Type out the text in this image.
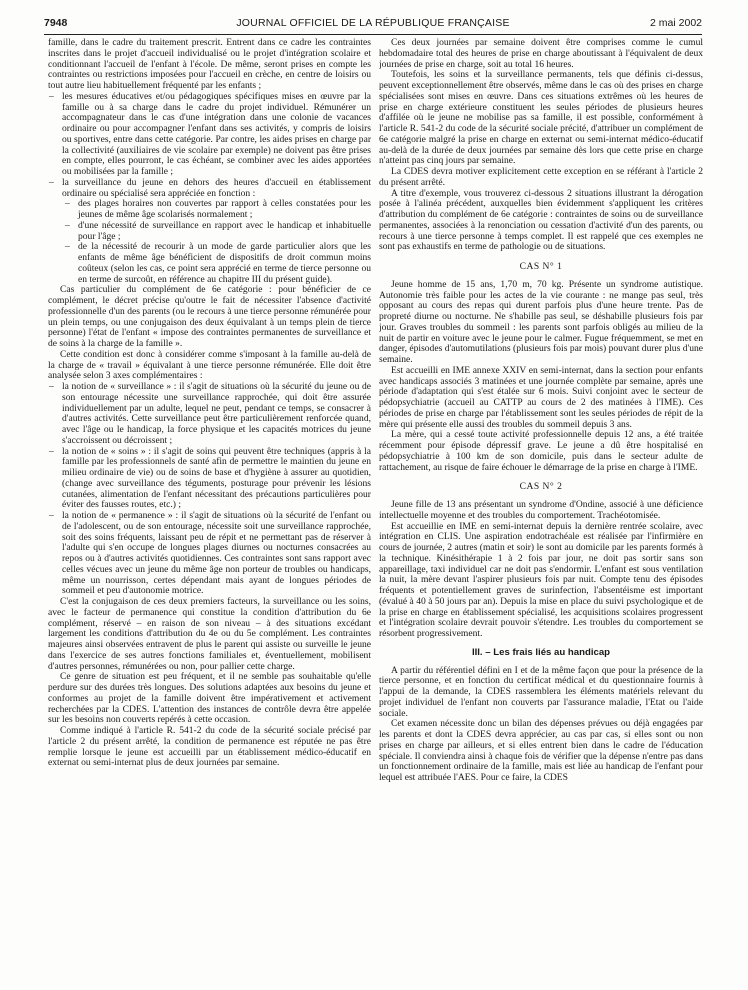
7948	JOURNAL OFFICIEL DE LA RÉPUBLIQUE FRANÇAISE	2 mai 2002

famille, dans le cadre du traitement prescrit. Entrent dans ce cadre les contraintes inscrites dans le projet d'accueil individualisé ou le projet d'intégration scolaire et conditionnant l'accueil de l'enfant à l'école. De même, seront prises en compte les contraintes ou restrictions imposées pour l'accueil en crèche, en centre de loisirs ou tout autre lieu habituellement fréquenté par les enfants ;

– les mesures éducatives et/ou pédagogiques spécifiques mises en œuvre par la famille ou à sa charge dans le cadre du projet individuel. Rémunérer un accompagnateur dans le cas d'une intégration dans une colonie de vacances ordinaire ou pour accompagner l'enfant dans ses activités, y compris de loisirs ou sportives, entre dans cette catégorie. Par contre, les aides prises en charge par la collectivité (auxiliaires de vie scolaire par exemple) ne doivent pas être prises en compte, elles pourront, le cas échéant, se combiner avec les aides apportées ou mobilisées par la famille ;
– la surveillance du jeune en dehors des heures d'accueil en établissement ordinaire ou spécialisé sera appréciée en fonction :
– des plages horaires non couvertes par rapport à celles constatées pour les jeunes de même âge scolarisés normalement ;
– d'une nécessité de surveillance en rapport avec le handicap et inhabituelle pour l'âge ;
– de la nécessité de recourir à un mode de garde particulier alors que les enfants de même âge bénéficient de dispositifs de droit commun moins coûteux (selon les cas, ce point sera apprécié en terme de tierce personne ou en terme de surcoût, en référence au chapitre III du présent guide).

Cas particulier du complément de 6e catégorie : pour bénéficier de ce complément, le décret précise qu'outre le fait de nécessiter l'absence d'activité professionnelle d'un des parents (ou le recours à une tierce personne rémunérée pour un plein temps, ou une conjugaison des deux équivalant à un temps plein de tierce personne) l'état de l'enfant « impose des contraintes permanentes de surveillance et de soins à la charge de la famille ».

Cette condition est donc à considérer comme s'imposant à la famille au-delà de la charge de « travail » équivalant à une tierce personne rémunérée. Elle doit être analysée selon 3 axes complémentaires :

– la notion de « surveillance » : il s'agit de situations où la sécurité du jeune ou de son entourage nécessite une surveillance rapprochée, qui doit être assurée individuellement par un adulte, lequel ne peut, pendant ce temps, se consacrer à d'autres activités. Cette surveillance peut être particulièrement renforcée quand, avec l'âge ou le handicap, la force physique et les capacités motrices du jeune s'accroissent ou décroissent ;
– la notion de « soins » : il s'agit de soins qui peuvent être techniques (appris à la famille par les professionnels de santé afin de permettre le maintien du jeune en milieu ordinaire de vie) ou de soins de base et d'hygiène à assurer au quotidien, (change avec surveillance des téguments, posturage pour prévenir les lésions cutanées, alimentation de l'enfant nécessitant des précautions particulières pour éviter des fausses routes, etc.) ;
– la notion de « permanence » : il s'agit de situations où la sécurité de l'enfant ou de l'adolescent, ou de son entourage, nécessite soit une surveillance rapprochée, soit des soins fréquents, laissant peu de répit et ne permettant pas de réserver à l'adulte qui s'en occupe de longues plages diurnes ou nocturnes consacrées au repos ou à d'autres activités quotidiennes. Ces contraintes sont sans rapport avec celles vécues avec un jeune du même âge non porteur de troubles ou handicaps, même un nourrisson, certes dépendant mais ayant de longues périodes de sommeil et peu d'autonomie motrice.

C'est la conjugaison de ces deux premiers facteurs, la surveillance ou les soins, avec le facteur de permanence qui constitue la condition d'attribution du 6e complément, réservé – en raison de son niveau – à des situations excédant largement les conditions d'attribution du 4e ou du 5e complément. Les contraintes majeures ainsi observées entravent de plus le parent qui assiste ou surveille le jeune dans l'exercice de ses autres fonctions familiales et, éventuellement, mobilisent d'autres personnes, rémunérées ou non, pour pallier cette charge.

Ce genre de situation est peu fréquent, et il ne semble pas souhaitable qu'elle perdure sur des durées très longues. Des solutions adaptées aux besoins du jeune et conformes au projet de la famille doivent être impérativement et activement recherchées par la CDES. L'attention des instances de contrôle devra être appelée sur les besoins non couverts repérés à cette occasion.

Comme indiqué à l'article R. 541-2 du code de la sécurité sociale précisé par l'article 2 du présent arrêté, la condition de permanence est réputée ne pas être remplie lorsque le jeune est accueilli par un établissement médico-éducatif en externat ou semi-internat plus de deux journées par semaine.

Ces deux journées par semaine doivent être comprises comme le cumul hebdomadaire total des heures de prise en charge aboutissant à l'équivalent de deux journées de prise en charge, soit au total 16 heures.

Toutefois, les soins et la surveillance permanents, tels que définis ci-dessus, peuvent exceptionnellement être observés, même dans le cas où des prises en charge spécialisées sont mises en œuvre. Dans ces situations extrêmes où les heures de prise en charge extérieure constituent les seules périodes de plusieurs heures d'affilée où le jeune ne mobilise pas sa famille, il est possible, conformément à l'article R. 541-2 du code de la sécurité sociale précité, d'attribuer un complément de 6e catégorie malgré la prise en charge en externat ou semi-internat médico-éducatif au-delà de la durée de deux journées par semaine dès lors que cette prise en charge n'atteint pas cinq jours par semaine.

La CDES devra motiver explicitement cette exception en se référant à l'article 2 du présent arrêté.

A titre d'exemple, vous trouverez ci-dessous 2 situations illustrant la dérogation posée à l'alinéa précédent, auxquelles bien évidemment s'appliquent les critères d'attribution du complément de 6e catégorie : contraintes de soins ou de surveillance permanentes, associées à la renonciation ou cessation d'activité d'un des parents, ou recours à une tierce personne à temps complet. Il est rappelé que ces exemples ne sont pas exhaustifs en terme de pathologie ou de situations.

CAS N° 1

Jeune homme de 15 ans, 1,70 m, 70 kg. Présente un syndrome autistique. Autonomie très faible pour les actes de la vie courante : ne mange pas seul, très opposant au cours des repas qui durent parfois plus d'une heure trente. Pas de propreté diurne ou nocturne. Ne s'habille pas seul, se déshabille plusieurs fois par jour. Graves troubles du sommeil : les parents sont parfois obligés au milieu de la nuit de partir en voiture avec le jeune pour le calmer. Fugue fréquemment, se met en danger, épisodes d'automutilations (plusieurs fois par mois) pouvant durer plus d'une semaine.

Est accueilli en IME annexe XXIV en semi-internat, dans la section pour enfants avec handicaps associés 3 matinées et une journée complète par semaine, après une période d'adaptation qui s'est étalée sur 6 mois. Suivi conjoint avec le secteur de pédopsychiatrie (accueil au CATTP au cours de 2 des matinées à l'IME). Ces périodes de prise en charge par l'établissement sont les seules périodes de répit de la mère qui présente elle aussi des troubles du sommeil depuis 3 ans.

La mère, qui a cessé toute activité professionnelle depuis 12 ans, a été traitée récemment pour épisode dépressif grave. Le jeune a dû être hospitalisé en pédopsychiatrie à 100 km de son domicile, puis dans le secteur adulte de rattachement, au risque de faire échouer le démarrage de la prise en charge à l'IME.

CAS N° 2

Jeune fille de 13 ans présentant un syndrome d'Ondine, associé à une déficience intellectuelle moyenne et des troubles du comportement. Trachéotomisée.

Est accueillie en IME en semi-internat depuis la dernière rentrée scolaire, avec intégration en CLIS. Une aspiration endotrachéale est réalisée par l'infirmière en cours de journée, 2 autres (matin et soir) le sont au domicile par les parents formés à la technique. Kinésithérapie 1 à 2 fois par jour, ne doit pas sortir sans son appareillage, taxi individuel car ne doit pas s'endormir. L'enfant est sous ventilation la nuit, la mère devant l'aspirer plusieurs fois par nuit. Compte tenu des épisodes fréquents et potentiellement graves de surinfection, l'absentéisme est important (évalué à 40 à 50 jours par an). Depuis la mise en place du suivi psychologique et de la prise en charge en établissement spécialisé, les acquisitions scolaires progressent et l'intégration scolaire devrait pouvoir s'étendre. Les troubles du comportement se résorbent progressivement.

III. – Les frais liés au handicap

A partir du référentiel défini en I et de la même façon que pour la présence de la tierce personne, et en fonction du certificat médical et du questionnaire fournis à l'appui de la demande, la CDES rassemblera les éléments matériels relevant du projet individuel de l'enfant non couverts par l'assurance maladie, l'Etat ou l'aide sociale.

Cet examen nécessite donc un bilan des dépenses prévues ou déjà engagées par les parents et dont la CDES devra apprécier, au cas par cas, si elles sont ou non prises en charge par ailleurs, et si elles entrent bien dans le cadre de l'éducation spéciale. Il conviendra ainsi à chaque fois de vérifier que la dépense n'entre pas dans un fonctionnement ordinaire de la famille, mais est liée au handicap de l'enfant pour lequel est attribuée l'AES. Pour ce faire, la CDES
